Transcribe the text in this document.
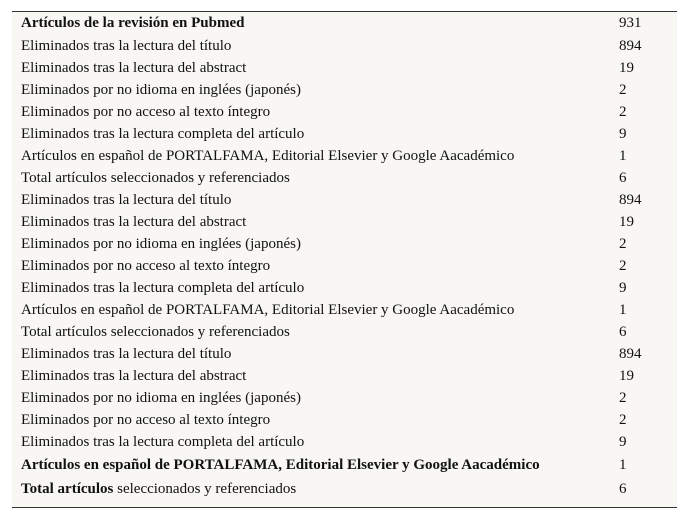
Artículos de la revisión en Pubmed	931
Eliminados tras la lectura del título	894
Eliminados tras la lectura del abstract	19
Eliminados por no idioma en inglées (japonés)	2
Eliminados por no acceso al texto íntegro	2
Eliminados tras la lectura completa del artículo	9
Artículos en español de PORTALFAMA, Editorial Elsevier y Google Aacadémico	1
Total artículos seleccionados y referenciados	6
Eliminados tras la lectura del título	894
Eliminados tras la lectura del abstract	19
Eliminados por no idioma en inglées (japonés)	2
Eliminados por no acceso al texto íntegro	2
Eliminados tras la lectura completa del artículo	9
Artículos en español de PORTALFAMA, Editorial Elsevier y Google Aacadémico	1
Total artículos seleccionados y referenciados	6
Eliminados tras la lectura del título	894
Eliminados tras la lectura del abstract	19
Eliminados por no idioma en inglées (japonés)	2
Eliminados por no acceso al texto íntegro	2
Eliminados tras la lectura completa del artículo	9
Artículos en español de PORTALFAMA, Editorial Elsevier y Google Aacadémico	1
Total artículos seleccionados y referenciados	6
